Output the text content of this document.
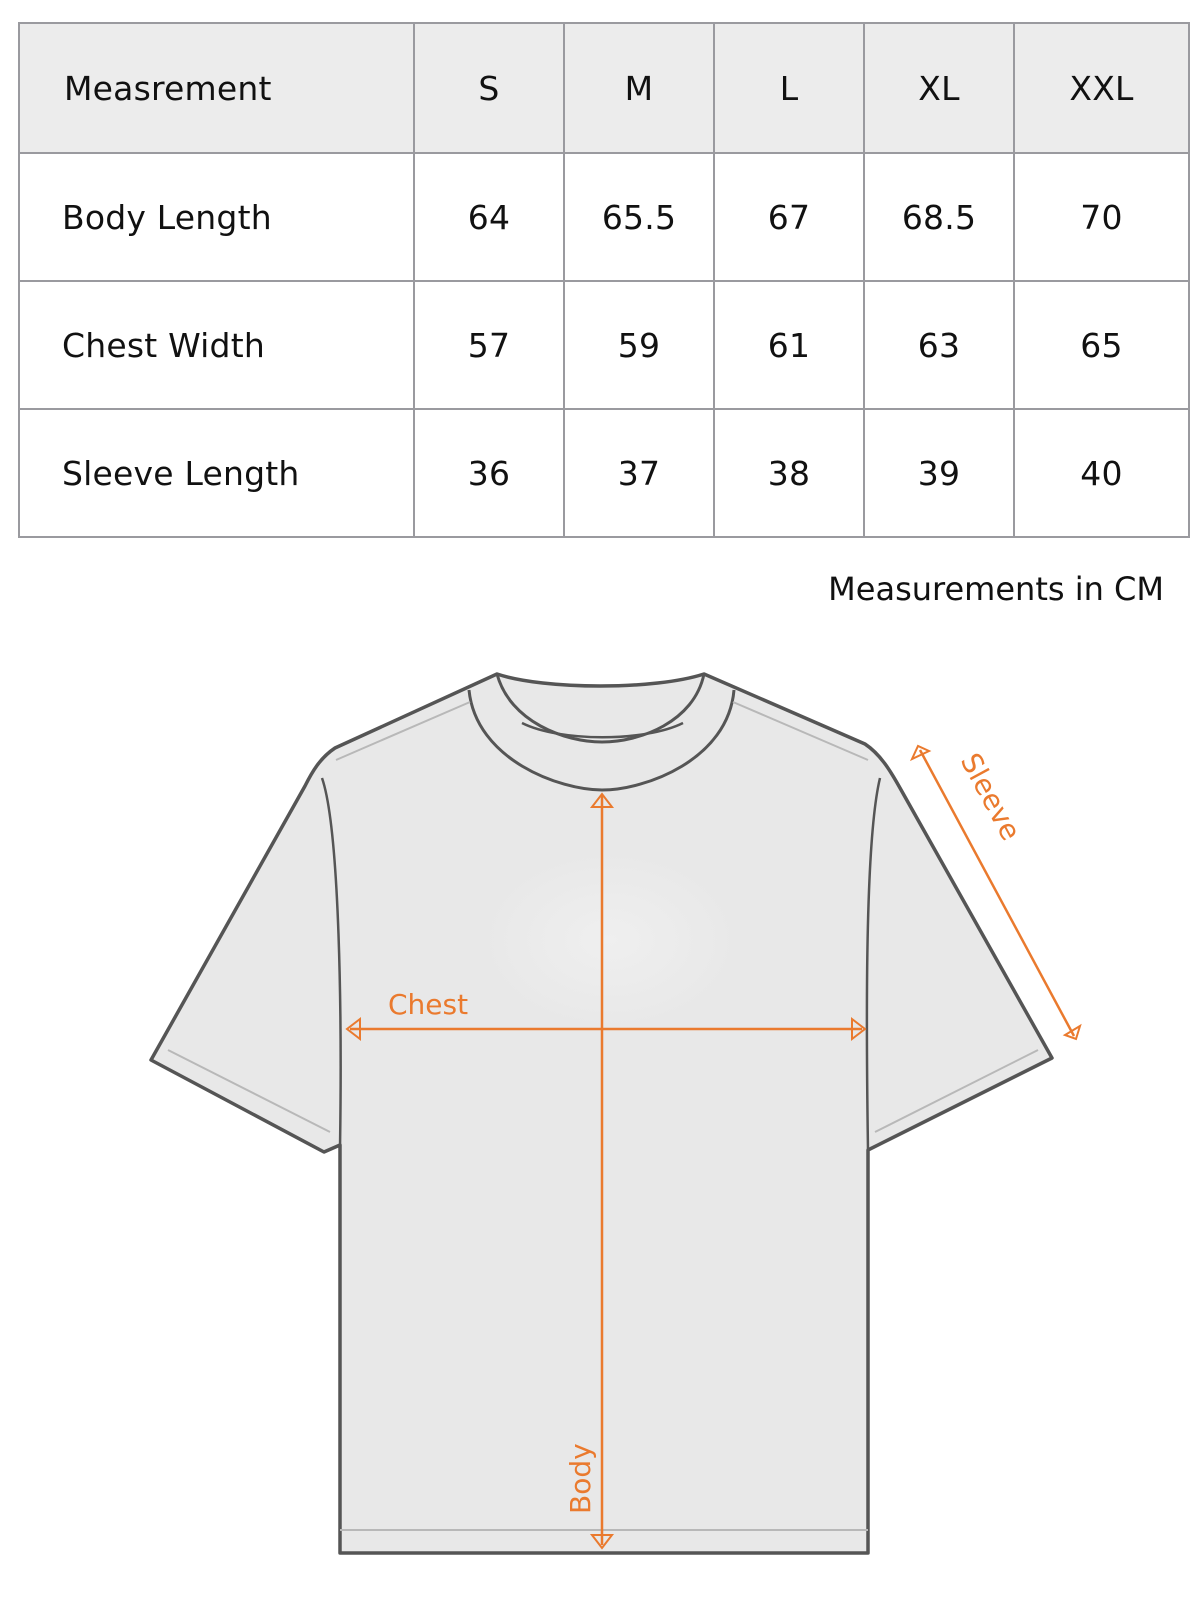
Measrement	S	M	L	XL	XXL
Body Length	64	65.5	67	68.5	70
Chest Width	57	59	61	63	65
Sleeve Length	36	37	38	39	40
Measurements in CM
Chest
Body
Sleeve
